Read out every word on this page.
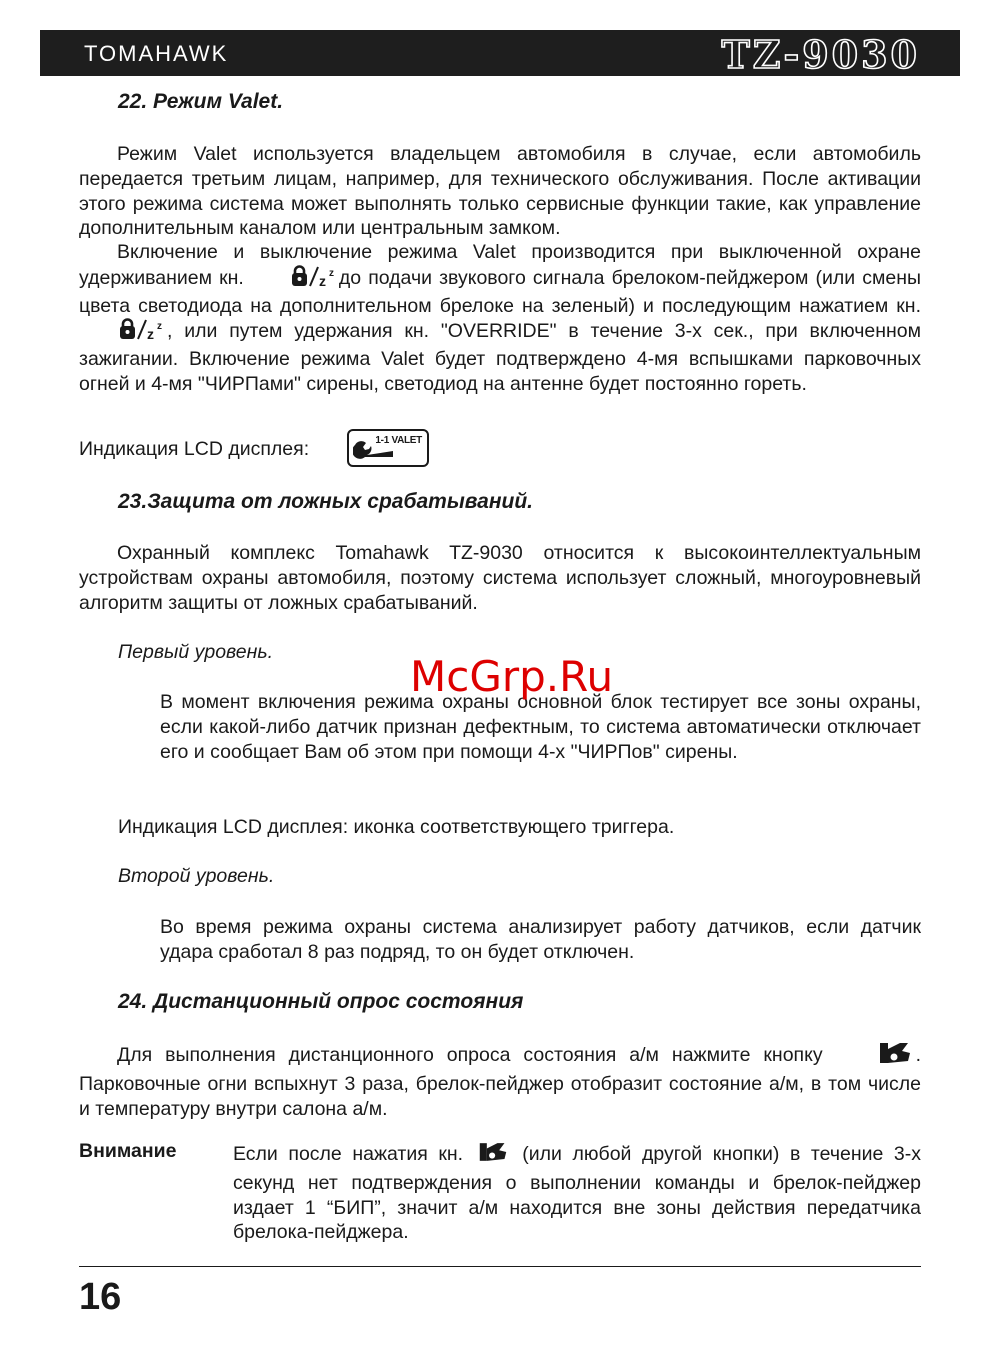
TOMAHAWK	TZ-9030
22. Режим Valet.

Режим Valet используется владельцем автомобиля в случае, если автомобиль передается третьим лицам, например, для технического обслуживания. После активации этого режима система может выполнять только сервисные функции такие, как управление дополнительным каналом или центральным замком.

Включение и выключение режима Valet производится при выключенной охране удерживанием кн.	z z до подачи звукового сигнала брелоком-пейджером (или смены цвета светодиода на дополнительном брелоке на зеленый) и последующим нажатием кн.
z z , или путем удержания кн. "OVERRIDE" в течение 3-х сек., при включенном зажигании. Включение режима Valet будет подтверждено 4-мя вспышками парковочных огней и 4-мя "ЧИРПами" сирены, светодиод на антенне будет постоянно гореть.

Индикация LCD дисплея:	1-1 VALET
23.Защита от ложных срабатываний.

Охранный комплекс Tomahawk TZ-9030 относится к высокоинтеллектуальным устройствам охраны автомобиля, поэтому система использует сложный, многоуровневый алгоритм защиты от ложных срабатываний.

Первый уровень.

В момент включения режима охраны основной блок тестирует все зоны охраны, если какой-либо датчик признан дефектным, то система автоматически отключает его и сообщает Вам об этом при помощи 4-х "ЧИРПов" сирены.

Индикация LCD дисплея: иконка соответствующего триггера.

Второй уровень.

Во время режима охраны система анализирует работу датчиков, если датчик удара сработал 8 раз подряд, то он будет отключен.

24. Дистанционный опрос состояния

Для выполнения дистанционного опроса состояния а/м нажмите кнопку	. Парковочные огни вспыхнут 3 раза, брелок-пейджер отобразит состояние а/м, в том числе и температуру внутри салона а/м.

Внимание	Если после нажатия кн.	(или любой другой кнопки) в течение 3-х секунд нет подтверждения о выполнении команды и брелок-пейджер издает 1 “БИП”, значит а/м находится вне зоны действия передатчика брелока-пейджера.

McGrp.Ru
16
